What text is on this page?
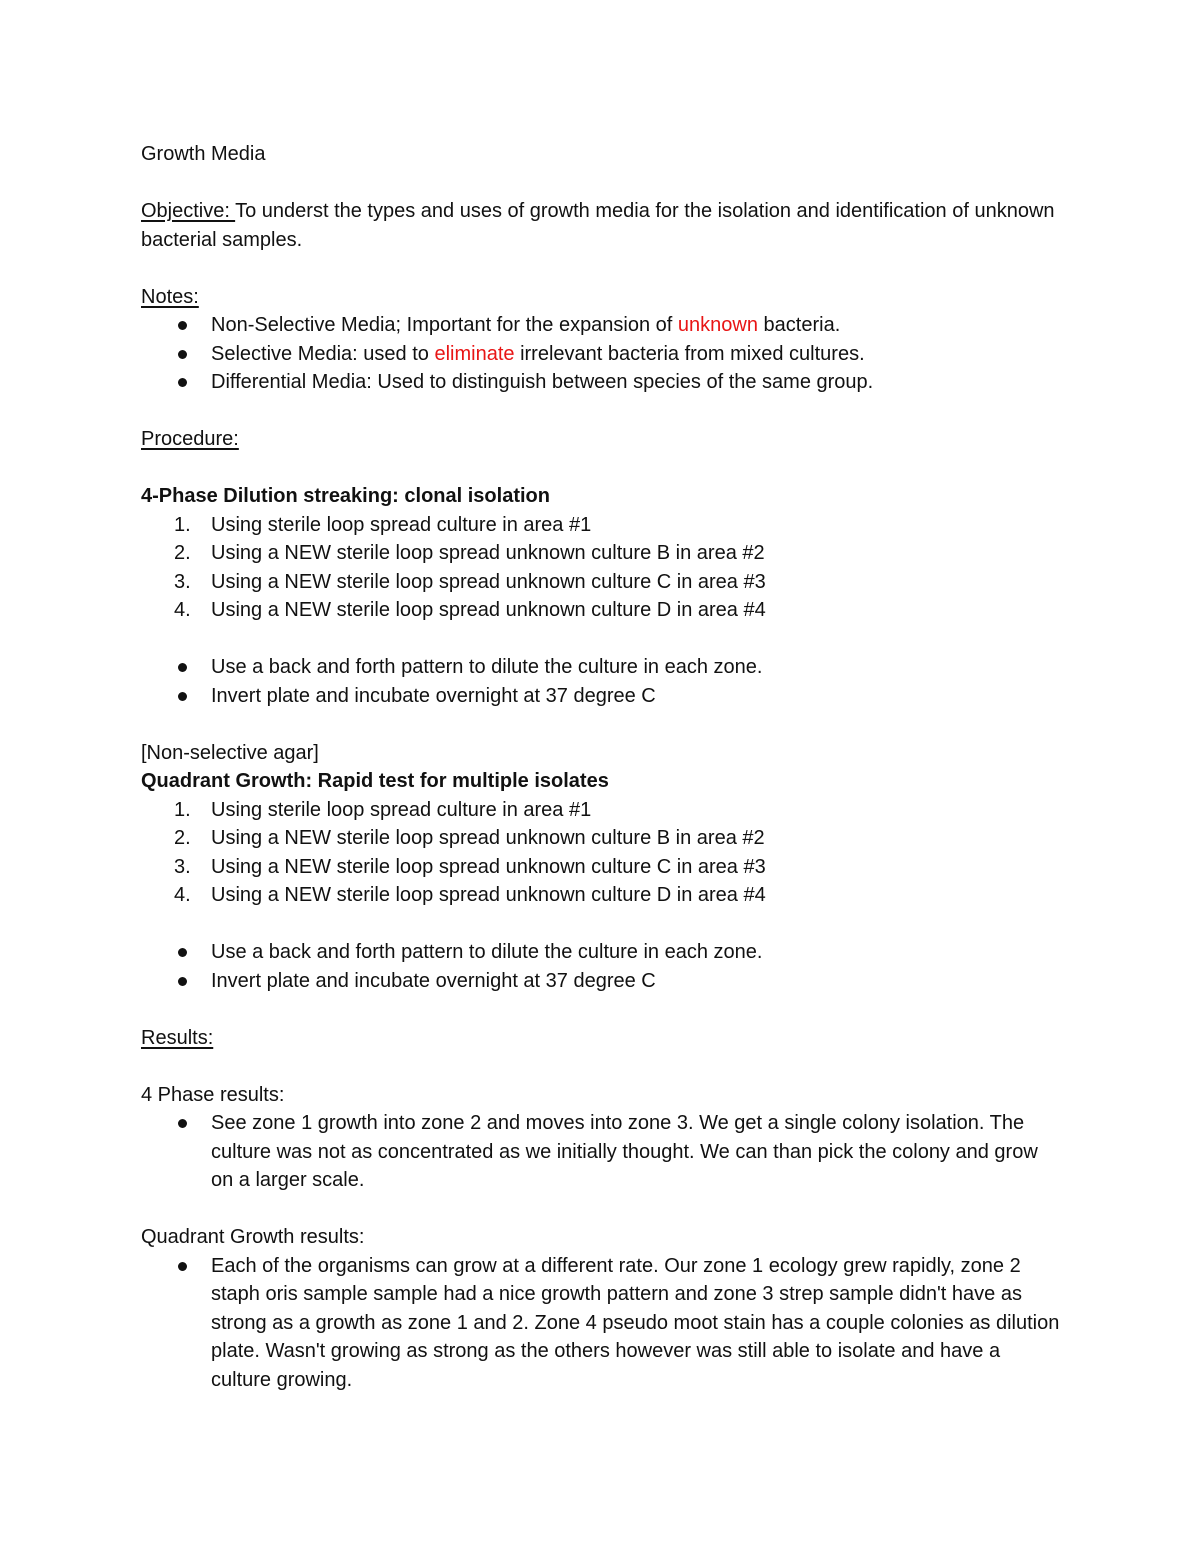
Growth Media

Objective: To underst the types and uses of growth media for the isolation and identification of unknown bacterial samples.

Notes:

Non-Selective Media; Important for the expansion of unknown bacteria.
Selective Media: used to eliminate irrelevant bacteria from mixed cultures.
Differential Media: Used to distinguish between species of the same group.

Procedure:

4-Phase Dilution streaking: clonal isolation

1. Using sterile loop spread culture in area #1
2. Using a NEW sterile loop spread unknown culture B in area #2
3. Using a NEW sterile loop spread unknown culture C in area #3
4. Using a NEW sterile loop spread unknown culture D in area #4
Use a back and forth pattern to dilute the culture in each zone.
Invert plate and incubate overnight at 37 degree C

[Non-selective agar]

Quadrant Growth: Rapid test for multiple isolates

1. Using sterile loop spread culture in area #1
2. Using a NEW sterile loop spread unknown culture B in area #2
3. Using a NEW sterile loop spread unknown culture C in area #3
4. Using a NEW sterile loop spread unknown culture D in area #4
Use a back and forth pattern to dilute the culture in each zone.
Invert plate and incubate overnight at 37 degree C

Results:

4 Phase results:

See zone 1 growth into zone 2 and moves into zone 3. We get a single colony isolation. The culture was not as concentrated as we initially thought. We can than pick the colony and grow on a larger scale.

Quadrant Growth results:

Each of the organisms can grow at a different rate. Our zone 1 ecology grew rapidly, zone 2 staph oris sample sample had a nice growth pattern and zone 3 strep sample didn't have as strong as a growth as zone 1 and 2. Zone 4 pseudo moot stain has a couple colonies as dilution plate. Wasn't growing as strong as the others however was still able to isolate and have a culture growing.
